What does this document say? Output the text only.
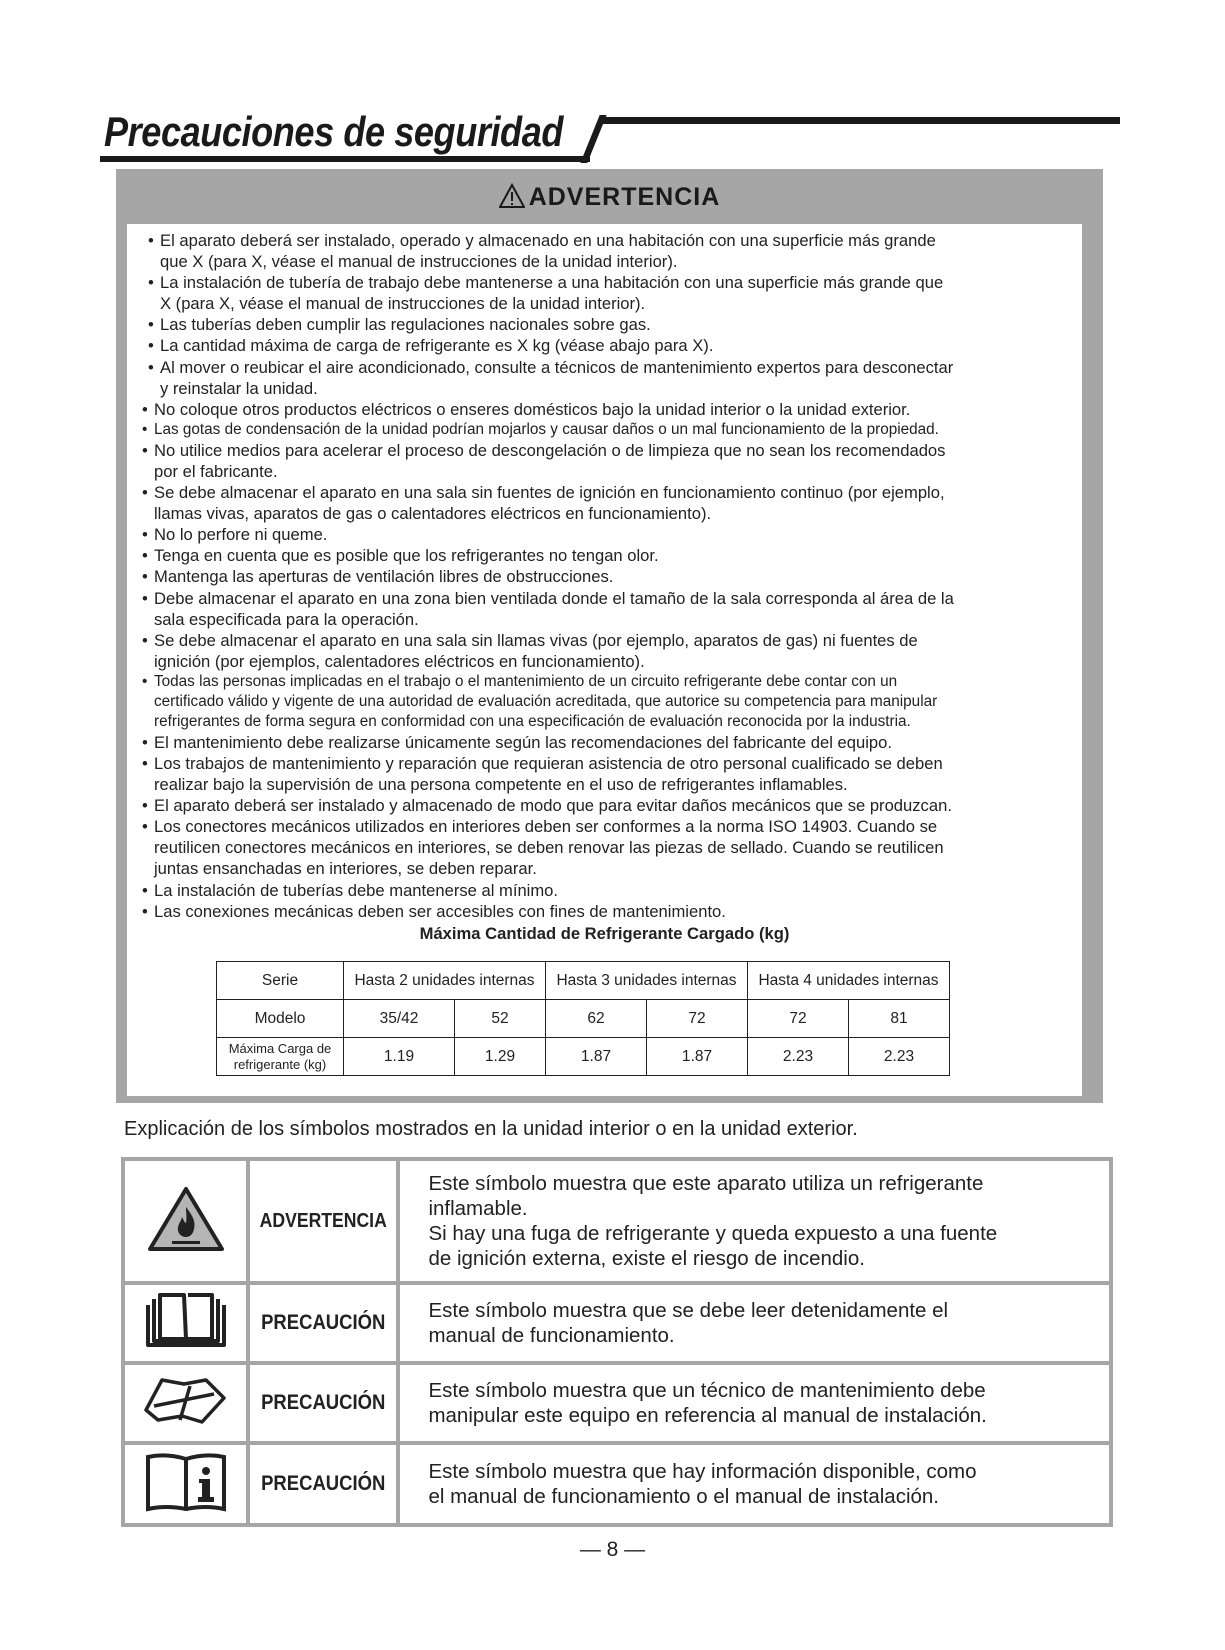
Precauciones de seguridad
ADVERTENCIA
• El aparato deberá ser instalado, operado y almacenado en una habitación con una superficie más grande
que X (para X, véase el manual de instrucciones de la unidad interior).
• La instalación de tubería de trabajo debe mantenerse a una habitación con una superficie más grande que
X (para X, véase el manual de instrucciones de la unidad interior).
• Las tuberías deben cumplir las regulaciones nacionales sobre gas.
• La cantidad máxima de carga de refrigerante es X kg (véase abajo para X).
• Al mover o reubicar el aire acondicionado, consulte a técnicos de mantenimiento expertos para desconectar
y reinstalar la unidad.
• No coloque otros productos eléctricos o enseres domésticos bajo la unidad interior o la unidad exterior.
• Las gotas de condensación de la unidad podrían mojarlos y causar daños o un mal funcionamiento de la propiedad.
• No utilice medios para acelerar el proceso de descongelación o de limpieza que no sean los recomendados
por el fabricante.
• Se debe almacenar el aparato en una sala sin fuentes de ignición en funcionamiento continuo (por ejemplo,
llamas vivas, aparatos de gas o calentadores eléctricos en funcionamiento).
• No lo perfore ni queme.
• Tenga en cuenta que es posible que los refrigerantes no tengan olor.
• Mantenga las aperturas de ventilación libres de obstrucciones.
• Debe almacenar el aparato en una zona bien ventilada donde el tamaño de la sala corresponda al área de la
sala especificada para la operación.
• Se debe almacenar el aparato en una sala sin llamas vivas (por ejemplo, aparatos de gas) ni fuentes de
ignición (por ejemplos, calentadores eléctricos en funcionamiento).
• Todas las personas implicadas en el trabajo o el mantenimiento de un circuito refrigerante debe contar con un
certificado válido y vigente de una autoridad de evaluación acreditada, que autorice su competencia para manipular
refrigerantes de forma segura en conformidad con una especificación de evaluación reconocida por la industria.
• El mantenimiento debe realizarse únicamente según las recomendaciones del fabricante del equipo.
• Los trabajos de mantenimiento y reparación que requieran asistencia de otro personal cualificado se deben
realizar bajo la supervisión de una persona competente en el uso de refrigerantes inflamables.
• El aparato deberá ser instalado y almacenado de modo que para evitar daños mecánicos que se produzcan.
• Los conectores mecánicos utilizados en interiores deben ser conformes a la norma ISO 14903. Cuando se
reutilicen conectores mecánicos en interiores, se deben renovar las piezas de sellado. Cuando se reutilicen
juntas ensanchadas en interiores, se deben reparar.
• La instalación de tuberías debe mantenerse al mínimo.
• Las conexiones mecánicas deben ser accesibles con fines de mantenimiento.
Máxima Cantidad de Refrigerante Cargado (kg)
Serie	Hasta 2 unidades internas		Hasta 3 unidades internas		Hasta 4 unidades internas	
Modelo	35/42	52	62	72	72	81

Máxima Carga de
refrigerante (kg)	1.19	1.29	1.87	1.87	2.23	2.23
Explicación de los símbolos mostrados en la unidad interior o en la unidad exterior.
	ADVERTENCIA	Este símbolo muestra que este aparato utiliza un refrigerante
inflamable.
Si hay una fuga de refrigerante y queda expuesto a una fuente
de ignición externa, existe el riesgo de incendio.

	PRECAUCIÓN	Este símbolo muestra que se debe leer detenidamente el
manual de funcionamiento.

	PRECAUCIÓN	Este símbolo muestra que un técnico de mantenimiento debe
manipular este equipo en referencia al manual de instalación.

	PRECAUCIÓN	Este símbolo muestra que hay información disponible, como
el manual de funcionamiento o el manual de instalación.
— 8 —
